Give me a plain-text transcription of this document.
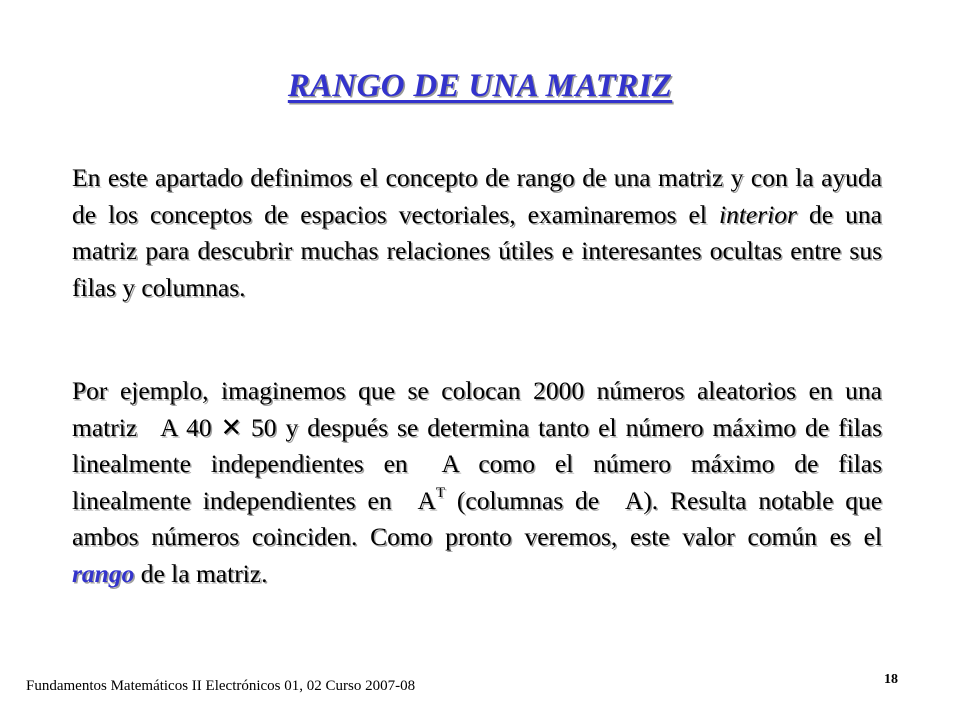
RANGO DE UNA MATRIZ
En este apartado definimos el concepto de rango de una matriz y con la ayuda de los conceptos de espacios vectoriales, examinaremos el interior de una matriz para descubrir muchas relaciones útiles e interesantes ocultas entre sus filas y columnas.
Por ejemplo, imaginemos que se colocan 2000 números aleatorios en una matriz A 40 ✕ 50 y después se determina tanto el número máximo de filas linealmente independientes en A como el número máximo de filas linealmente independientes en $A^T$ (columnas de A). Resulta notable que ambos números coinciden. Como pronto veremos, este valor común es el rango de la matriz.
Fundamentos Matemáticos II Electrónicos 01, 02 Curso 2007-08	18
